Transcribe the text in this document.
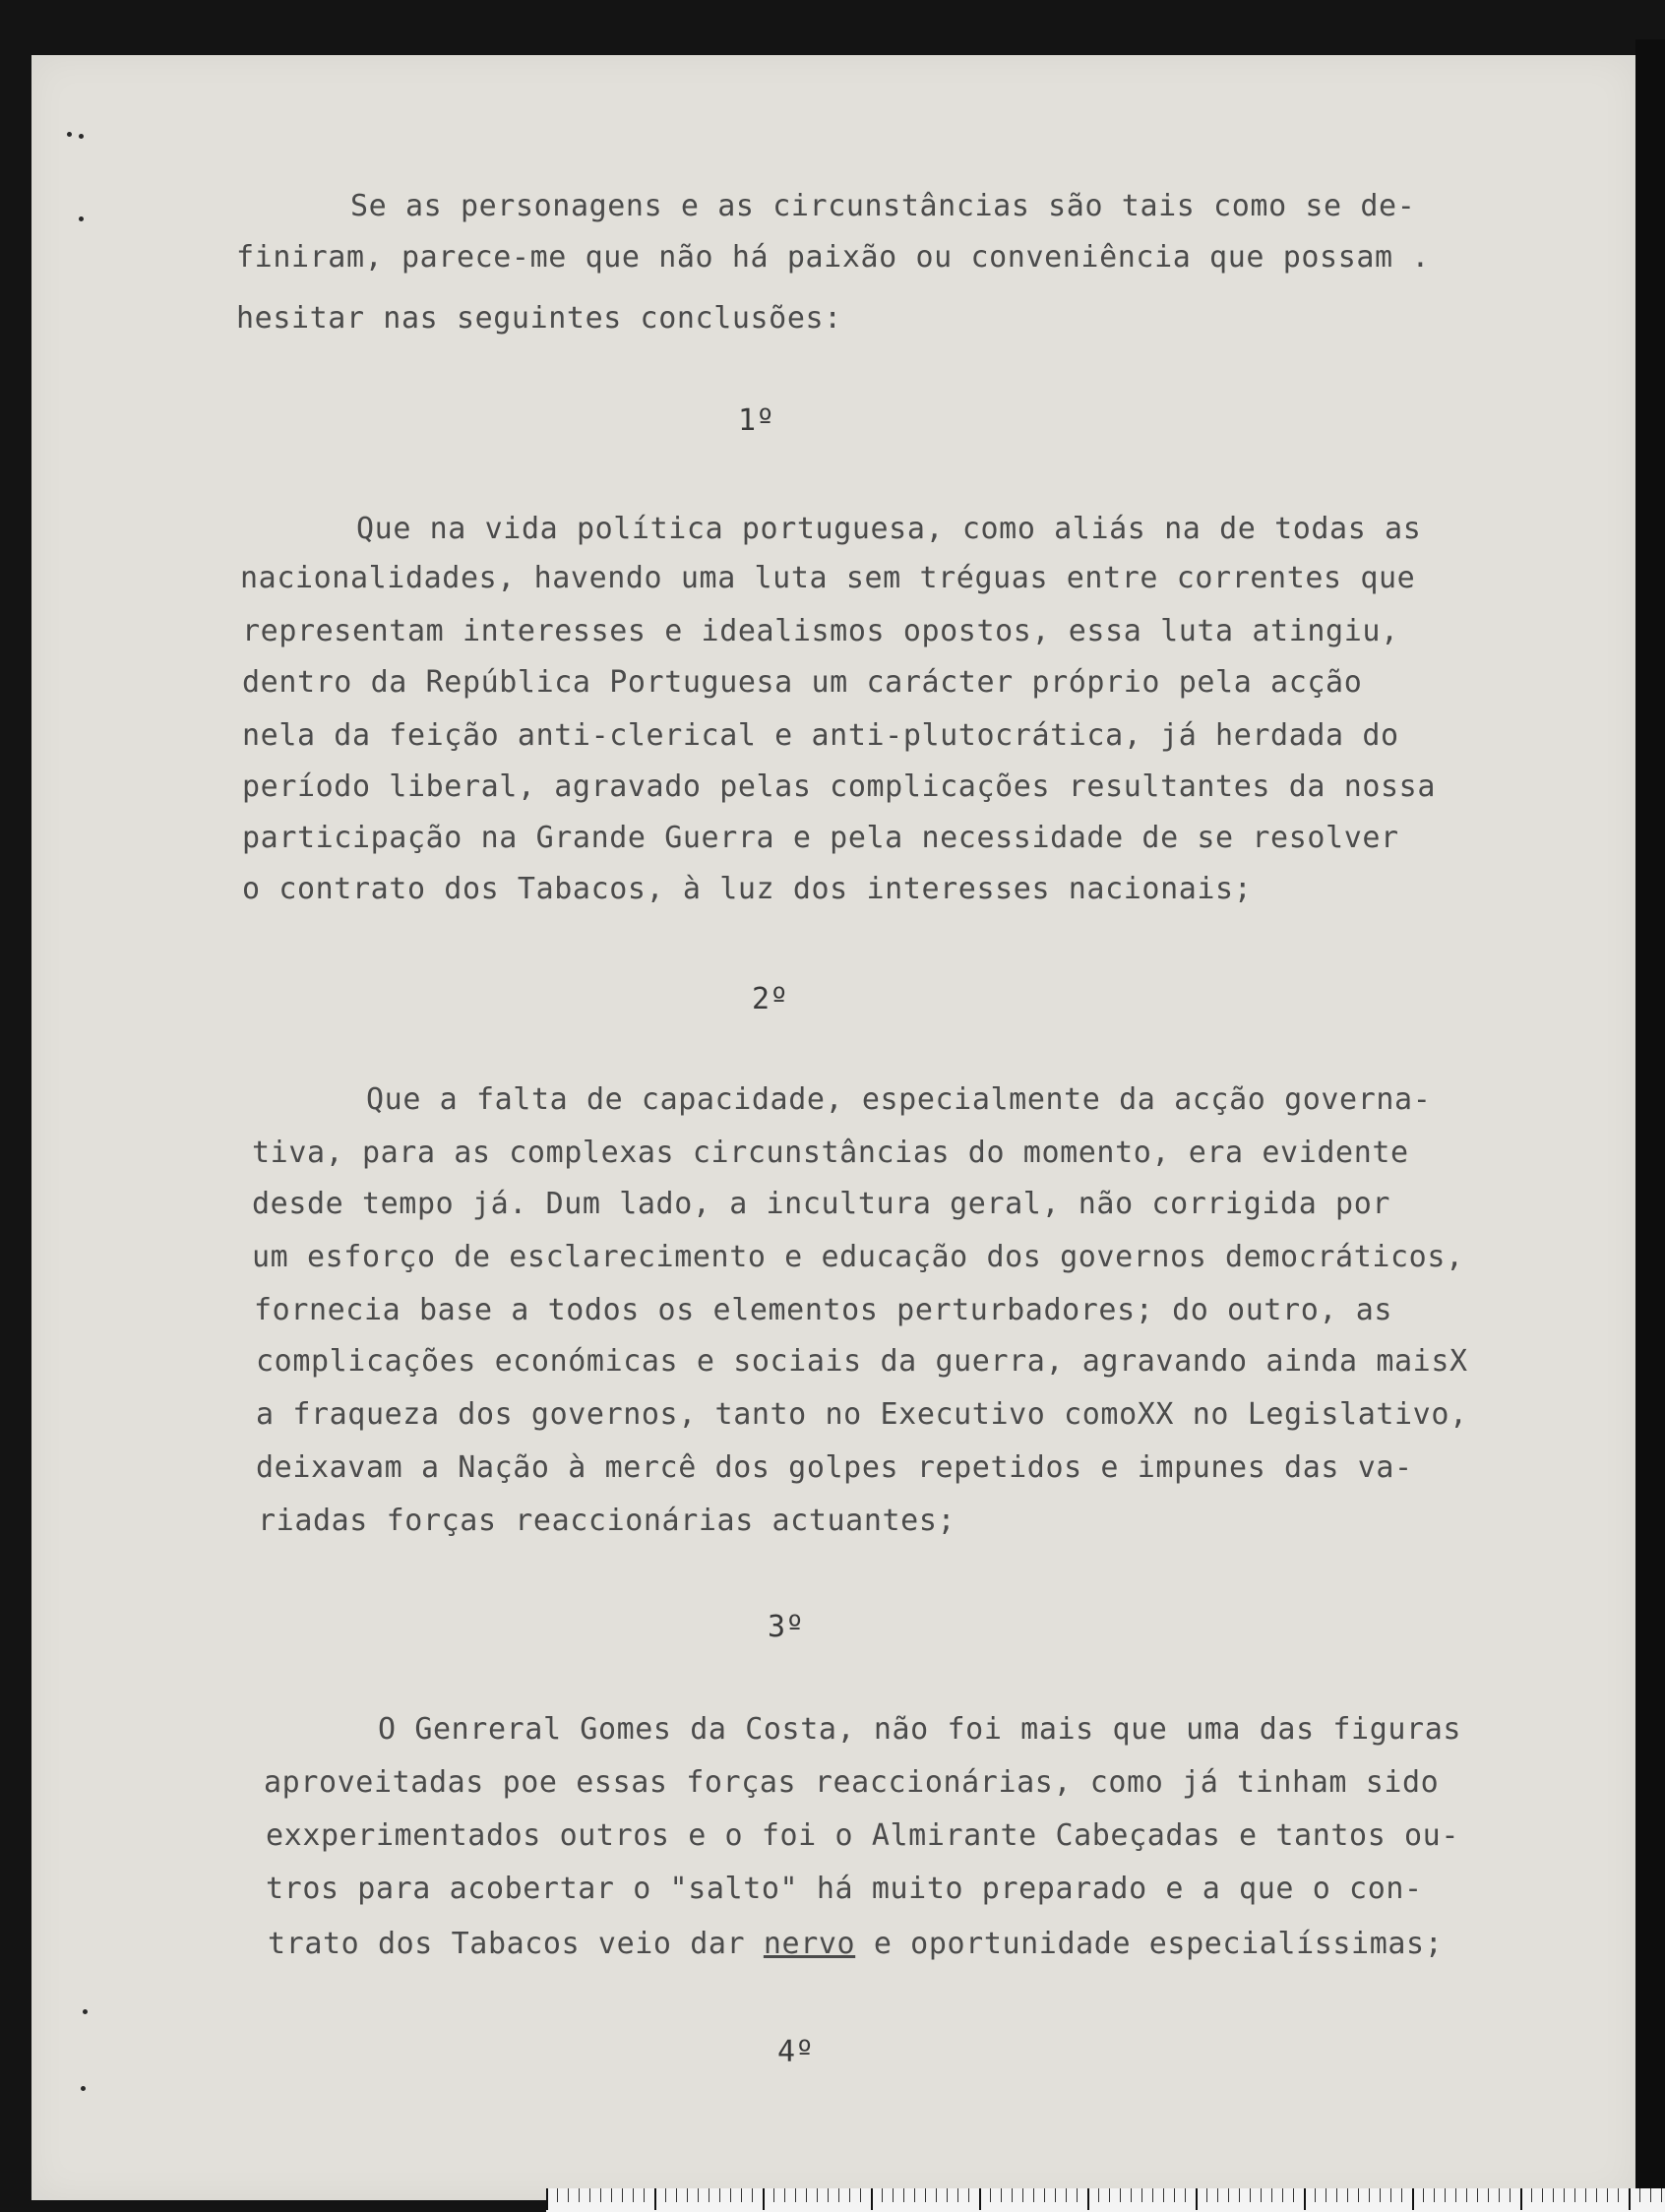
Se as personagens e as circunstâncias são tais como se de-
finiram, parece-me que não há paixão ou conveniência que possam .
hesitar nas seguintes conclusões:
1º
Que na vida política portuguesa, como aliás na de todas as
nacionalidades, havendo uma luta sem tréguas entre correntes que
representam interesses e idealismos opostos, essa luta atingiu,
dentro da República Portuguesa um carácter próprio pela acção
nela da feição anti-clerical e anti-plutocrática, já herdada do
período liberal, agravado pelas complicações resultantes da nossa
participação na Grande Guerra e pela necessidade de se resolver
o contrato dos Tabacos, à luz dos interesses nacionais;
2º
Que a falta de capacidade, especialmente da acção governa-
tiva, para as complexas circunstâncias do momento, era evidente
desde tempo já. Dum lado, a incultura geral, não corrigida por
um esforço de esclarecimento e educação dos governos democráticos,
fornecia base a todos os elementos perturbadores; do outro, as
complicações económicas e sociais da guerra, agravando ainda maisX
a fraqueza dos governos, tanto no Executivo comoXX no Legislativo,
deixavam a Nação à mercê dos golpes repetidos e impunes das va-
riadas forças reaccionárias actuantes;
3º
O Genreral Gomes da Costa, não foi mais que uma das figuras
aproveitadas poe essas forças reaccionárias, como já tinham sido
exxperimentados outros e o foi o Almirante Cabeçadas e tantos ou-
tros para acobertar o "salto" há muito preparado e a que o con-
trato dos Tabacos veio dar nervo e oportunidade especialíssimas;
4º
